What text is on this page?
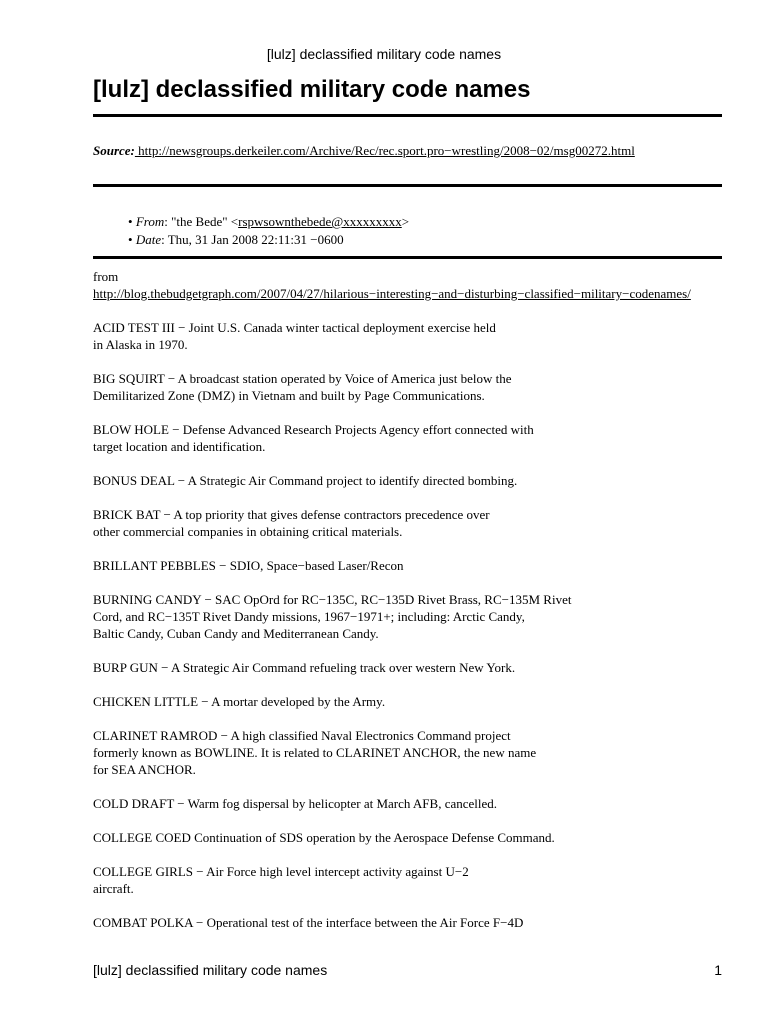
[lulz] declassified military code names
[lulz] declassified military code names
Source: http://newsgroups.derkeiler.com/Archive/Rec/rec.sport.pro−wrestling/2008−02/msg00272.html
• From: "the Bede" <rspwsownthebede@xxxxxxxxx>
• Date: Thu, 31 Jan 2008 22:11:31 −0600
from
http://blog.thebudgetgraph.com/2007/04/27/hilarious−interesting−and−disturbing−classified−military−codenames/
ACID TEST III − Joint U.S. Canada winter tactical deployment exercise held
in Alaska in 1970.
BIG SQUIRT − A broadcast station operated by Voice of America just below the
Demilitarized Zone (DMZ) in Vietnam and built by Page Communications.
BLOW HOLE − Defense Advanced Research Projects Agency effort connected with
target location and identification.
BONUS DEAL − A Strategic Air Command project to identify directed bombing.
BRICK BAT − A top priority that gives defense contractors precedence over
other commercial companies in obtaining critical materials.
BRILLANT PEBBLES − SDIO, Space−based Laser/Recon
BURNING CANDY − SAC OpOrd for RC−135C, RC−135D Rivet Brass, RC−135M Rivet
Cord, and RC−135T Rivet Dandy missions, 1967−1971+; including: Arctic Candy,
Baltic Candy, Cuban Candy and Mediterranean Candy.
BURP GUN − A Strategic Air Command refueling track over western New York.
CHICKEN LITTLE − A mortar developed by the Army.
CLARINET RAMROD − A high classified Naval Electronics Command project
formerly known as BOWLINE. It is related to CLARINET ANCHOR, the new name
for SEA ANCHOR.
COLD DRAFT − Warm fog dispersal by helicopter at March AFB, cancelled.
COLLEGE COED Continuation of SDS operation by the Aerospace Defense Command.
COLLEGE GIRLS − Air Force high level intercept activity against U−2
aircraft.
COMBAT POLKA − Operational test of the interface between the Air Force F−4D
[lulz] declassified military code names	1
